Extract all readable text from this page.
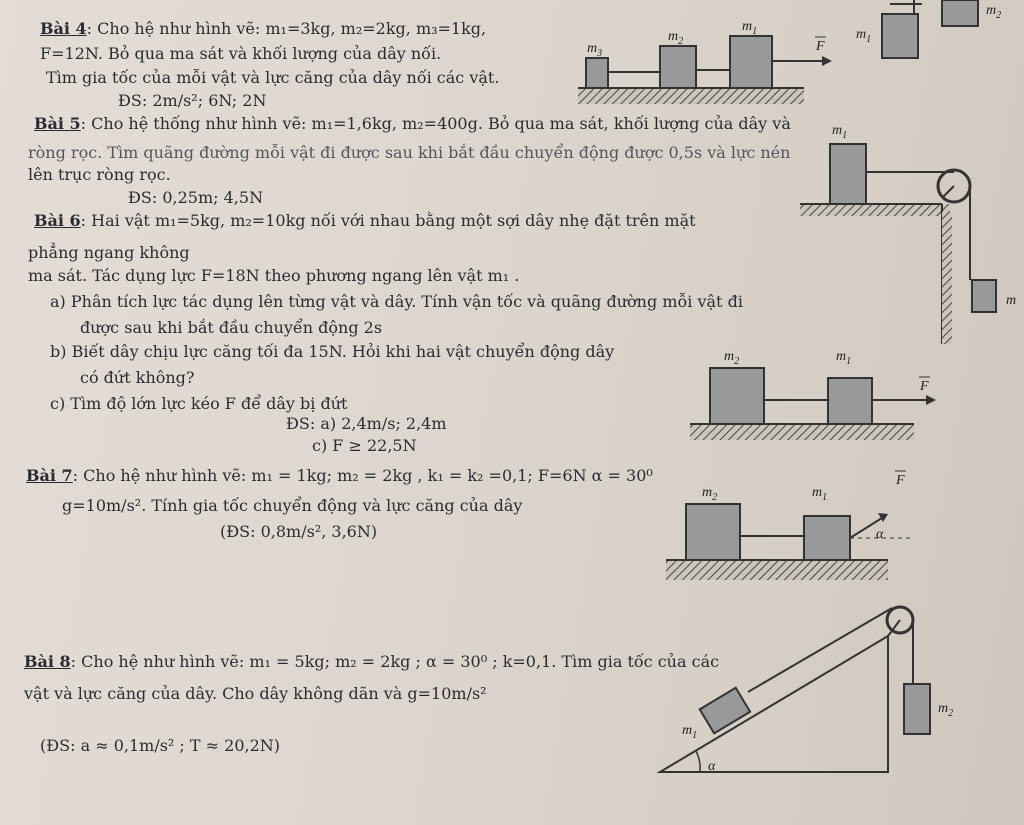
Bài 4: Cho hệ như hình vẽ: m₁=3kg, m₂=2kg, m₃=1kg,
F=12N. Bỏ qua ma sát và khối lượng của dây nối.
Tìm gia tốc của mỗi vật và lực căng của dây nối các vật.
ĐS: 2m/s²; 6N; 2N
$m_3$
$m_2$
$m_1$
F
$m_1$
$m_2$
Bài 5: Cho hệ thống như hình vẽ: m₁=1,6kg, m₂=400g. Bỏ qua ma sát, khối lượng của dây và
ròng rọc. Tìm quãng đường mỗi vật đi được sau khi bắt đầu chuyển động được 0,5s và lực nén
lên trục ròng rọc.
ĐS: 0,25m; 4,5N
$m_1$
m
Bài 6: Hai vật m₁=5kg, m₂=10kg nối với nhau bằng một sợi dây nhẹ đặt trên mặt
phẳng ngang không
ma sát. Tác dụng lực F=18N theo phương ngang lên vật m₁ .
a) Phân tích lực tác dụng lên từng vật và dây. Tính vận tốc và quãng đường mỗi vật đi
được sau khi bắt đầu chuyển động 2s
b) Biết dây chịu lực căng tối đa 15N. Hỏi khi hai vật chuyển động dây
có đứt không?
c) Tìm độ lớn lực kéo F để dây bị đứt
ĐS: a) 2,4m/s; 2,4m
c) F ≥ 22,5N
$m_2$	$m_1$
F
Bài 7: Cho hệ như hình vẽ: m₁ = 1kg; m₂ = 2kg , k₁ = k₂ =0,1; F=6N α = 30⁰
g=10m/s². Tính gia tốc chuyển động và lực căng của dây
(ĐS: 0,8m/s², 3,6N)
$m_2$	$m_1$
F
α
Bài 8: Cho hệ như hình vẽ: m₁ = 5kg; m₂ = 2kg ; α = 30⁰ ; k=0,1. Tìm gia tốc của các
vật và lực căng của dây. Cho dây không dãn và g=10m/s²
(ĐS: a ≈ 0,1m/s² ; T ≈ 20,2N)
$m_1$
$m_2$
α
